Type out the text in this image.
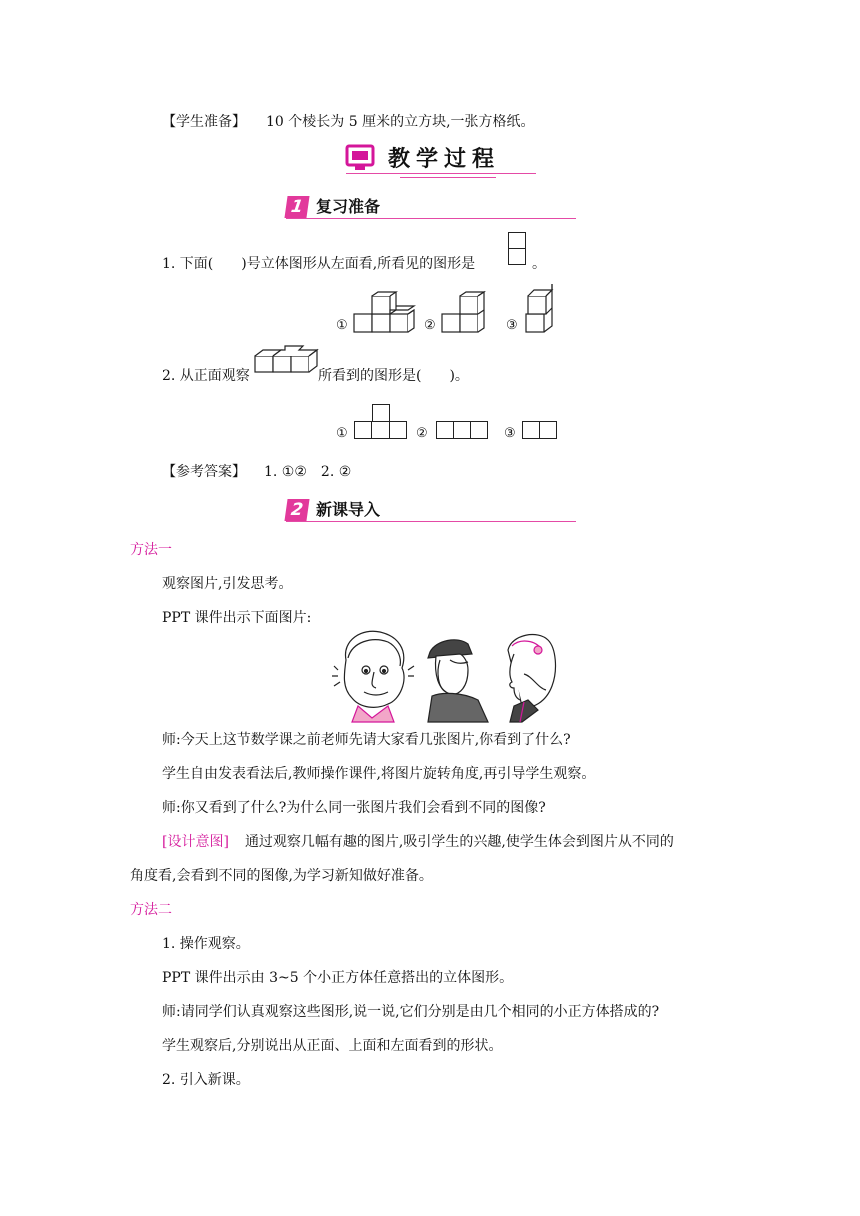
【学生准备】 10 个棱长为 5 厘米的立方块,一张方格纸。
教学过程
1 复习准备
1. 下面(　　)号立体图形从左面看,所看见的图形是	。
①	②	③
2. 从正面观察	所看到的图形是(　　)。
①	②	③
【参考答案】 1. ①②　2. ②
2 新课导入
方法一
观察图片,引发思考。
PPT 课件出示下面图片:
师:今天上这节数学课之前老师先请大家看几张图片,你看到了什么?
学生自由发表看法后,教师操作课件,将图片旋转角度,再引导学生观察。
师:你又看到了什么?为什么同一张图片我们会看到不同的图像?
[设计意图] 通过观察几幅有趣的图片,吸引学生的兴趣,使学生体会到图片从不同的
角度看,会看到不同的图像,为学习新知做好准备。
方法二
1. 操作观察。
PPT 课件出示由 3~5 个小正方体任意搭出的立体图形。
师:请同学们认真观察这些图形,说一说,它们分别是由几个相同的小正方体搭成的?
学生观察后,分别说出从正面、上面和左面看到的形状。
2. 引入新课。
